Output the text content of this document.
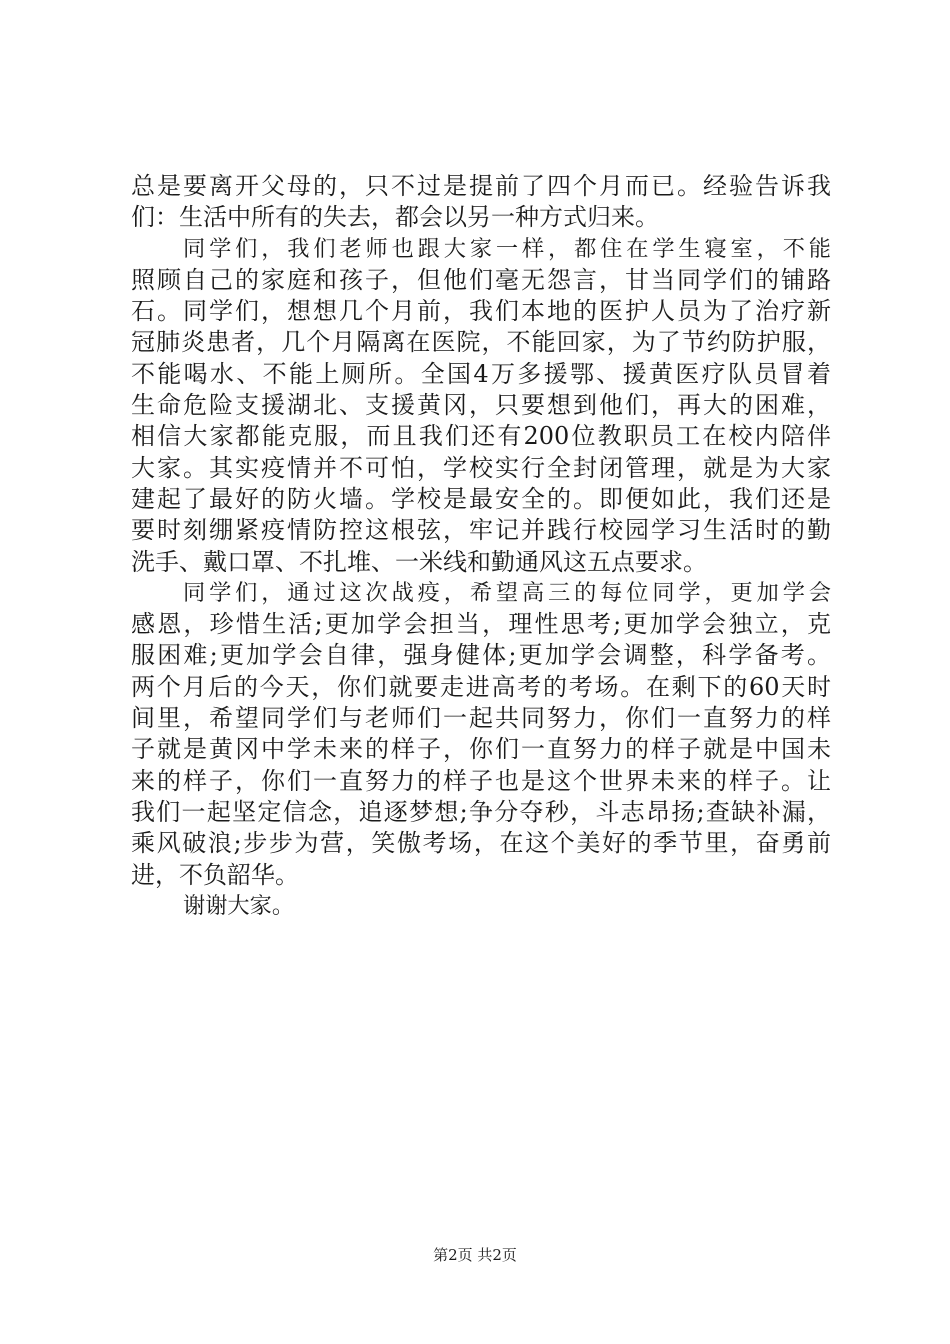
总是要离开父母的，只不过是提前了四个月而已。经验告诉我
们：生活中所有的失去，都会以另一种方式归来。
同学们，我们老师也跟大家一样，都住在学生寝室，不能
照顾自己的家庭和孩子，但他们毫无怨言，甘当同学们的铺路
石。同学们，想想几个月前，我们本地的医护人员为了治疗新
冠肺炎患者，几个月隔离在医院，不能回家，为了节约防护服，
不能喝水、不能上厕所。全国4万多援鄂、援黄医疗队员冒着
生命危险支援湖北、支援黄冈，只要想到他们，再大的困难，
相信大家都能克服，而且我们还有200位教职员工在校内陪伴
大家。其实疫情并不可怕，学校实行全封闭管理，就是为大家
建起了最好的防火墙。学校是最安全的。即便如此，我们还是
要时刻绷紧疫情防控这根弦，牢记并践行校园学习生活时的勤
洗手、戴口罩、不扎堆、一米线和勤通风这五点要求。
同学们，通过这次战疫，希望高三的每位同学，更加学会
感恩，珍惜生活;更加学会担当，理性思考;更加学会独立，克
服困难;更加学会自律，强身健体;更加学会调整，科学备考。
两个月后的今天，你们就要走进高考的考场。在剩下的60天时
间里，希望同学们与老师们一起共同努力，你们一直努力的样
子就是黄冈中学未来的样子，你们一直努力的样子就是中国未
来的样子，你们一直努力的样子也是这个世界未来的样子。让
我们一起坚定信念，追逐梦想;争分夺秒，斗志昂扬;查缺补漏，
乘风破浪;步步为营，笑傲考场，在这个美好的季节里，奋勇前
进，不负韶华。
谢谢大家。
第2页 共2页
